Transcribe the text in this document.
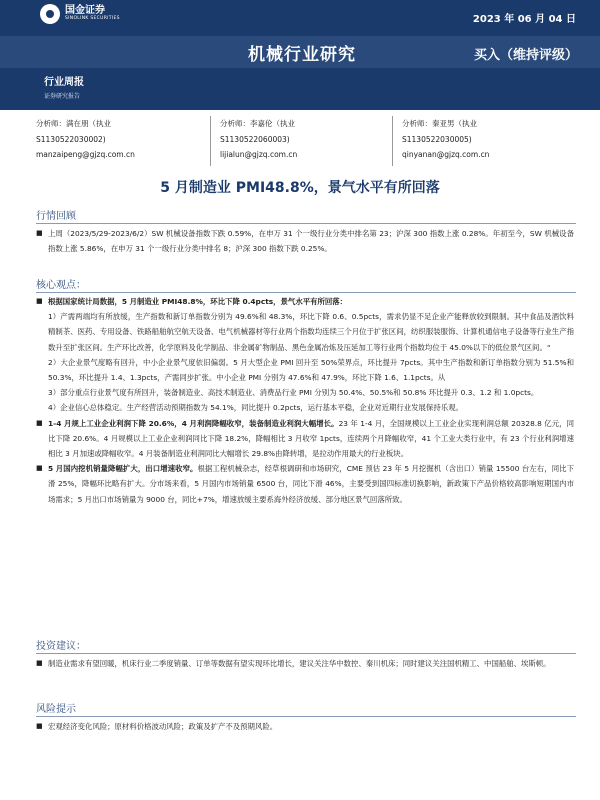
国金证券
SINOLINK SECURITIES	2023 年 06 月 04 日
机械行业研究	买入（维持评级）
行业周报
证券研究报告
分析师：满在朋（执业
S1130522030002)
manzaipeng@gjzq.com.cn
分析师：李嘉伦（执业
S1130522060003)
lijialun@gjzq.com.cn
分析师：秦亚男（执业
S1130522030005)
qinyanan@gjzq.com.cn
5 月制造业 PMI48.8%，景气水平有所回落
行情回顾
■ 上周（2023/5/29-2023/6/2）SW 机械设备指数下跌 0.59%，在申万 31 个一级行业分类中排名第 23；沪深 300 指数上涨 0.28%。年初至今，SW 机械设备指数上涨 5.86%，在申万 31 个一级行业分类中排名 8；沪深 300 指数下跌 0.25%。
核心观点：
■ 根据国家统计局数据，5 月制造业 PMI48.8%，环比下降 0.4pcts，景气水平有所回落：
1）产需两端均有所放缓，生产指数和新订单指数分别为 49.6%和 48.3%，环比下降 0.6、0.5pcts，需求仍显不足企业产能释放较到限制。其中食品及酒饮料精制茶、医药、专用设备、铁路船舶航空航天设备、电气机械器材等行业两个指数均连续三个月位于扩张区间，纺织服装服饰、计算机通信电子设备等行业生产指数升至扩张区间。生产环比改善，化学原料及化学制品、非金属矿物制品、黑色金属冶炼及压延加工等行业两个指数均位于 45.0%以下的低位景气区间。“
2）大企业景气度略有回升，中小企业景气度依旧偏弱。5 月大型企业 PMI 回升至 50%荣界点，环比提升 7pcts。其中生产指数和新订单指数分别为 51.5%和 50.3%，环比提升 1.4、1.3pcts，产需同步扩张。中小企业 PMI 分别为 47.6%和 47.9%，环比下降 1.6、1.1pcts。从
3）部分重点行业景气度有所回升，装备制造业、高技术制造业、消费品行业 PMI 分别为 50.4%、50.5%和 50.8% 环比提升 0.3、1.2 和 1.0pcts。
4）企业信心总体稳定。生产经营活动预期指数为 54.1%，同比提升 0.2pcts，运行基本平稳，企业对近期行业发展保持乐观。
■ 1-4 月规上工业企业利润下降 20.6%，4 月利润降幅收窄，装备制造业利润大幅增长。23 年 1-4 月，全国规模以上工业企业实现利润总额 20328.8 亿元，同比下降 20.6%。4 月规模以上工业企业利润同比下降 18.2%，降幅相比 3 月收窄 1pcts，连续两个月降幅收窄，41 个工业大类行业中，有 23 个行业利润增速相比 3 月加速或降幅收窄。4 月装备制造业利润同比大幅增长 29.8%由降转增，是拉动作用最大的行业板块。
■ 5 月国内挖机销量降幅扩大，出口增速收窄。根据工程机械杂志，经草根调研和市场研究，CME 预估 23 年 5 月挖掘机（含出口）销量 15500 台左右，同比下滑 25%，降幅环比略有扩大。分市场来看，5 月国内市场销量 6500 台，同比下滑 46%，主要受到国四标准切换影响，新政策下产品价格较高影响短期国内市场需求；5 月出口市场销量为 9000 台，同比+7%，增速放缓主要系海外经济放缓、部分地区景气回落所致。
投资建议：
■ 制造业需求有望回暖，机床行业二季度销量、订单等数据有望实现环比增长，建议关注华中数控、秦川机床；同时建议关注国机精工、中国船舶、埃斯顿。
风险提示
■ 宏观经济变化风险；原材料价格波动风险；政策及扩产不及预期风险。
